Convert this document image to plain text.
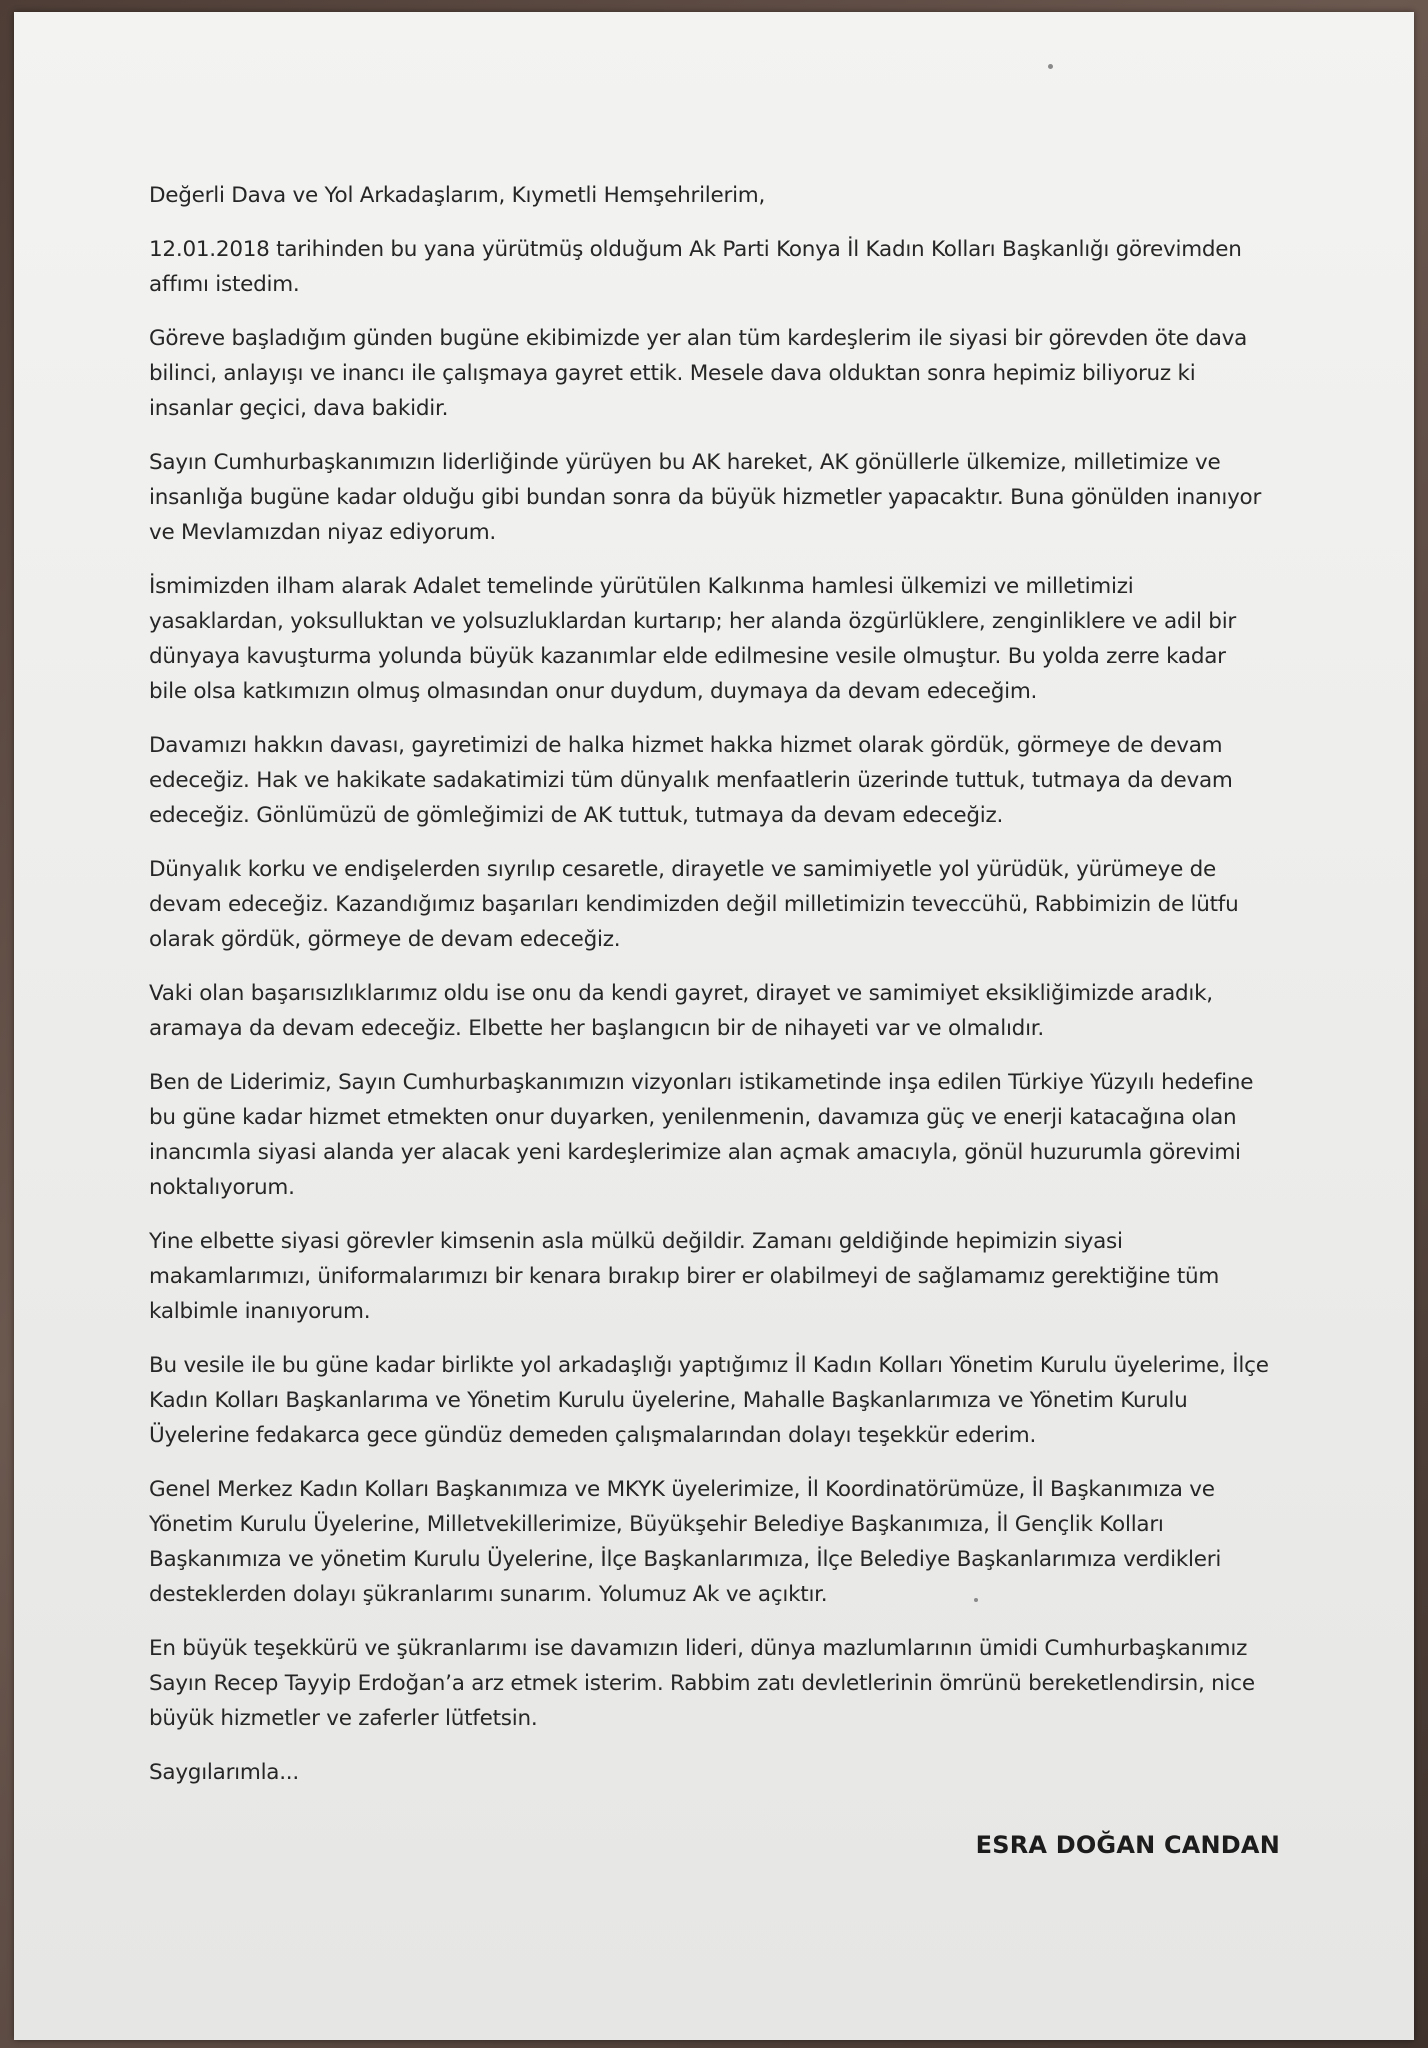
Değerli Dava ve Yol Arkadaşlarım, Kıymetli Hemşehrilerim,

12.01.2018 tarihinden bu yana yürütmüş olduğum Ak Parti Konya İl Kadın Kolları Başkanlığı görevimden affımı istedim.

Göreve başladığım günden bugüne ekibimizde yer alan tüm kardeşlerim ile siyasi bir görevden öte dava bilinci, anlayışı ve inancı ile çalışmaya gayret ettik. Mesele dava olduktan sonra hepimiz biliyoruz ki insanlar geçici, dava bakidir.

Sayın Cumhurbaşkanımızın liderliğinde yürüyen bu AK hareket, AK gönüllerle ülkemize, milletimize ve insanlığa bugüne kadar olduğu gibi bundan sonra da büyük hizmetler yapacaktır. Buna gönülden inanıyor ve Mevlamızdan niyaz ediyorum.

İsmimizden ilham alarak Adalet temelinde yürütülen Kalkınma hamlesi ülkemizi ve milletimizi yasaklardan, yoksulluktan ve yolsuzluklardan kurtarıp; her alanda özgürlüklere, zenginliklere ve adil bir dünyaya kavuşturma yolunda büyük kazanımlar elde edilmesine vesile olmuştur. Bu yolda zerre kadar bile olsa katkımızın olmuş olmasından onur duydum, duymaya da devam edeceğim.

Davamızı hakkın davası, gayretimizi de halka hizmet hakka hizmet olarak gördük, görmeye de devam edeceğiz. Hak ve hakikate sadakatimizi tüm dünyalık menfaatlerin üzerinde tuttuk, tutmaya da devam edeceğiz. Gönlümüzü de gömleğimizi de AK tuttuk, tutmaya da devam edeceğiz.

Dünyalık korku ve endişelerden sıyrılıp cesaretle, dirayetle ve samimiyetle yol yürüdük, yürümeye de devam edeceğiz. Kazandığımız başarıları kendimizden değil milletimizin teveccühü, Rabbimizin de lütfu olarak gördük, görmeye de devam edeceğiz.

Vaki olan başarısızlıklarımız oldu ise onu da kendi gayret, dirayet ve samimiyet eksikliğimizde aradık, aramaya da devam edeceğiz. Elbette her başlangıcın bir de nihayeti var ve olmalıdır.

Ben de Liderimiz, Sayın Cumhurbaşkanımızın vizyonları istikametinde inşa edilen Türkiye Yüzyılı hedefine bu güne kadar hizmet etmekten onur duyarken, yenilenmenin, davamıza güç ve enerji katacağına olan inancımla siyasi alanda yer alacak yeni kardeşlerimize alan açmak amacıyla, gönül huzurumla görevimi noktalıyorum.

Yine elbette siyasi görevler kimsenin asla mülkü değildir. Zamanı geldiğinde hepimizin siyasi makamlarımızı, üniformalarımızı bir kenara bırakıp birer er olabilmeyi de sağlamamız gerektiğine tüm kalbimle inanıyorum.

Bu vesile ile bu güne kadar birlikte yol arkadaşlığı yaptığımız İl Kadın Kolları Yönetim Kurulu üyelerime, İlçe Kadın Kolları Başkanlarıma ve Yönetim Kurulu üyelerine, Mahalle Başkanlarımıza ve Yönetim Kurulu Üyelerine fedakarca gece gündüz demeden çalışmalarından dolayı teşekkür ederim.

Genel Merkez Kadın Kolları Başkanımıza ve MKYK üyelerimize, İl Koordinatörümüze, İl Başkanımıza ve Yönetim Kurulu Üyelerine, Milletvekillerimize, Büyükşehir Belediye Başkanımıza, İl Gençlik Kolları Başkanımıza ve yönetim Kurulu Üyelerine, İlçe Başkanlarımıza, İlçe Belediye Başkanlarımıza verdikleri desteklerden dolayı şükranlarımı sunarım. Yolumuz Ak ve açıktır.

En büyük teşekkürü ve şükranlarımı ise davamızın lideri, dünya mazlumlarının ümidi Cumhurbaşkanımız Sayın Recep Tayyip Erdoğan’a arz etmek isterim. Rabbim zatı devletlerinin ömrünü bereketlendirsin, nice büyük hizmetler ve zaferler lütfetsin.

Saygılarımla...

ESRA DOĞAN CANDAN
